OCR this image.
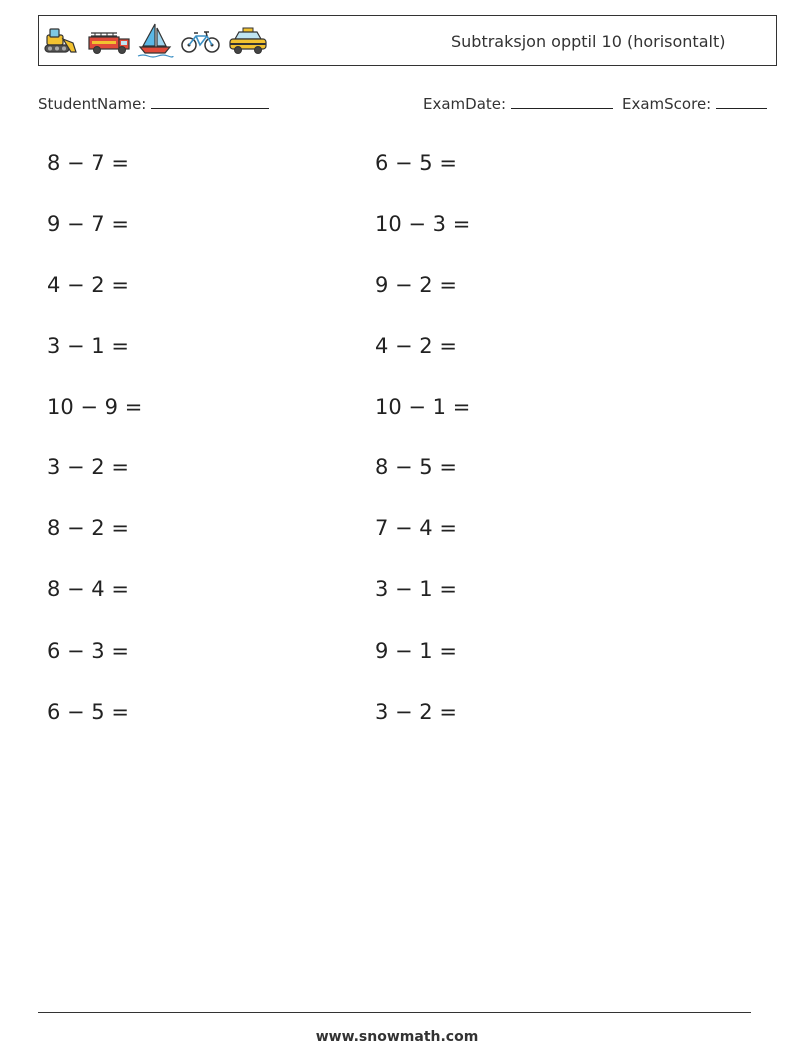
Subtraksjon opptil 10 (horisontalt)
StudentName:	ExamDate:	ExamScore:
8 − 7 =
9 − 7 =
4 − 2 =
3 − 1 =
10 − 9 =
3 − 2 =
8 − 2 =
8 − 4 =
6 − 3 =
6 − 5 =
6 − 5 =
10 − 3 =
9 − 2 =
4 − 2 =
10 − 1 =
8 − 5 =
7 − 4 =
3 − 1 =
9 − 1 =
3 − 2 =
www.snowmath.com
